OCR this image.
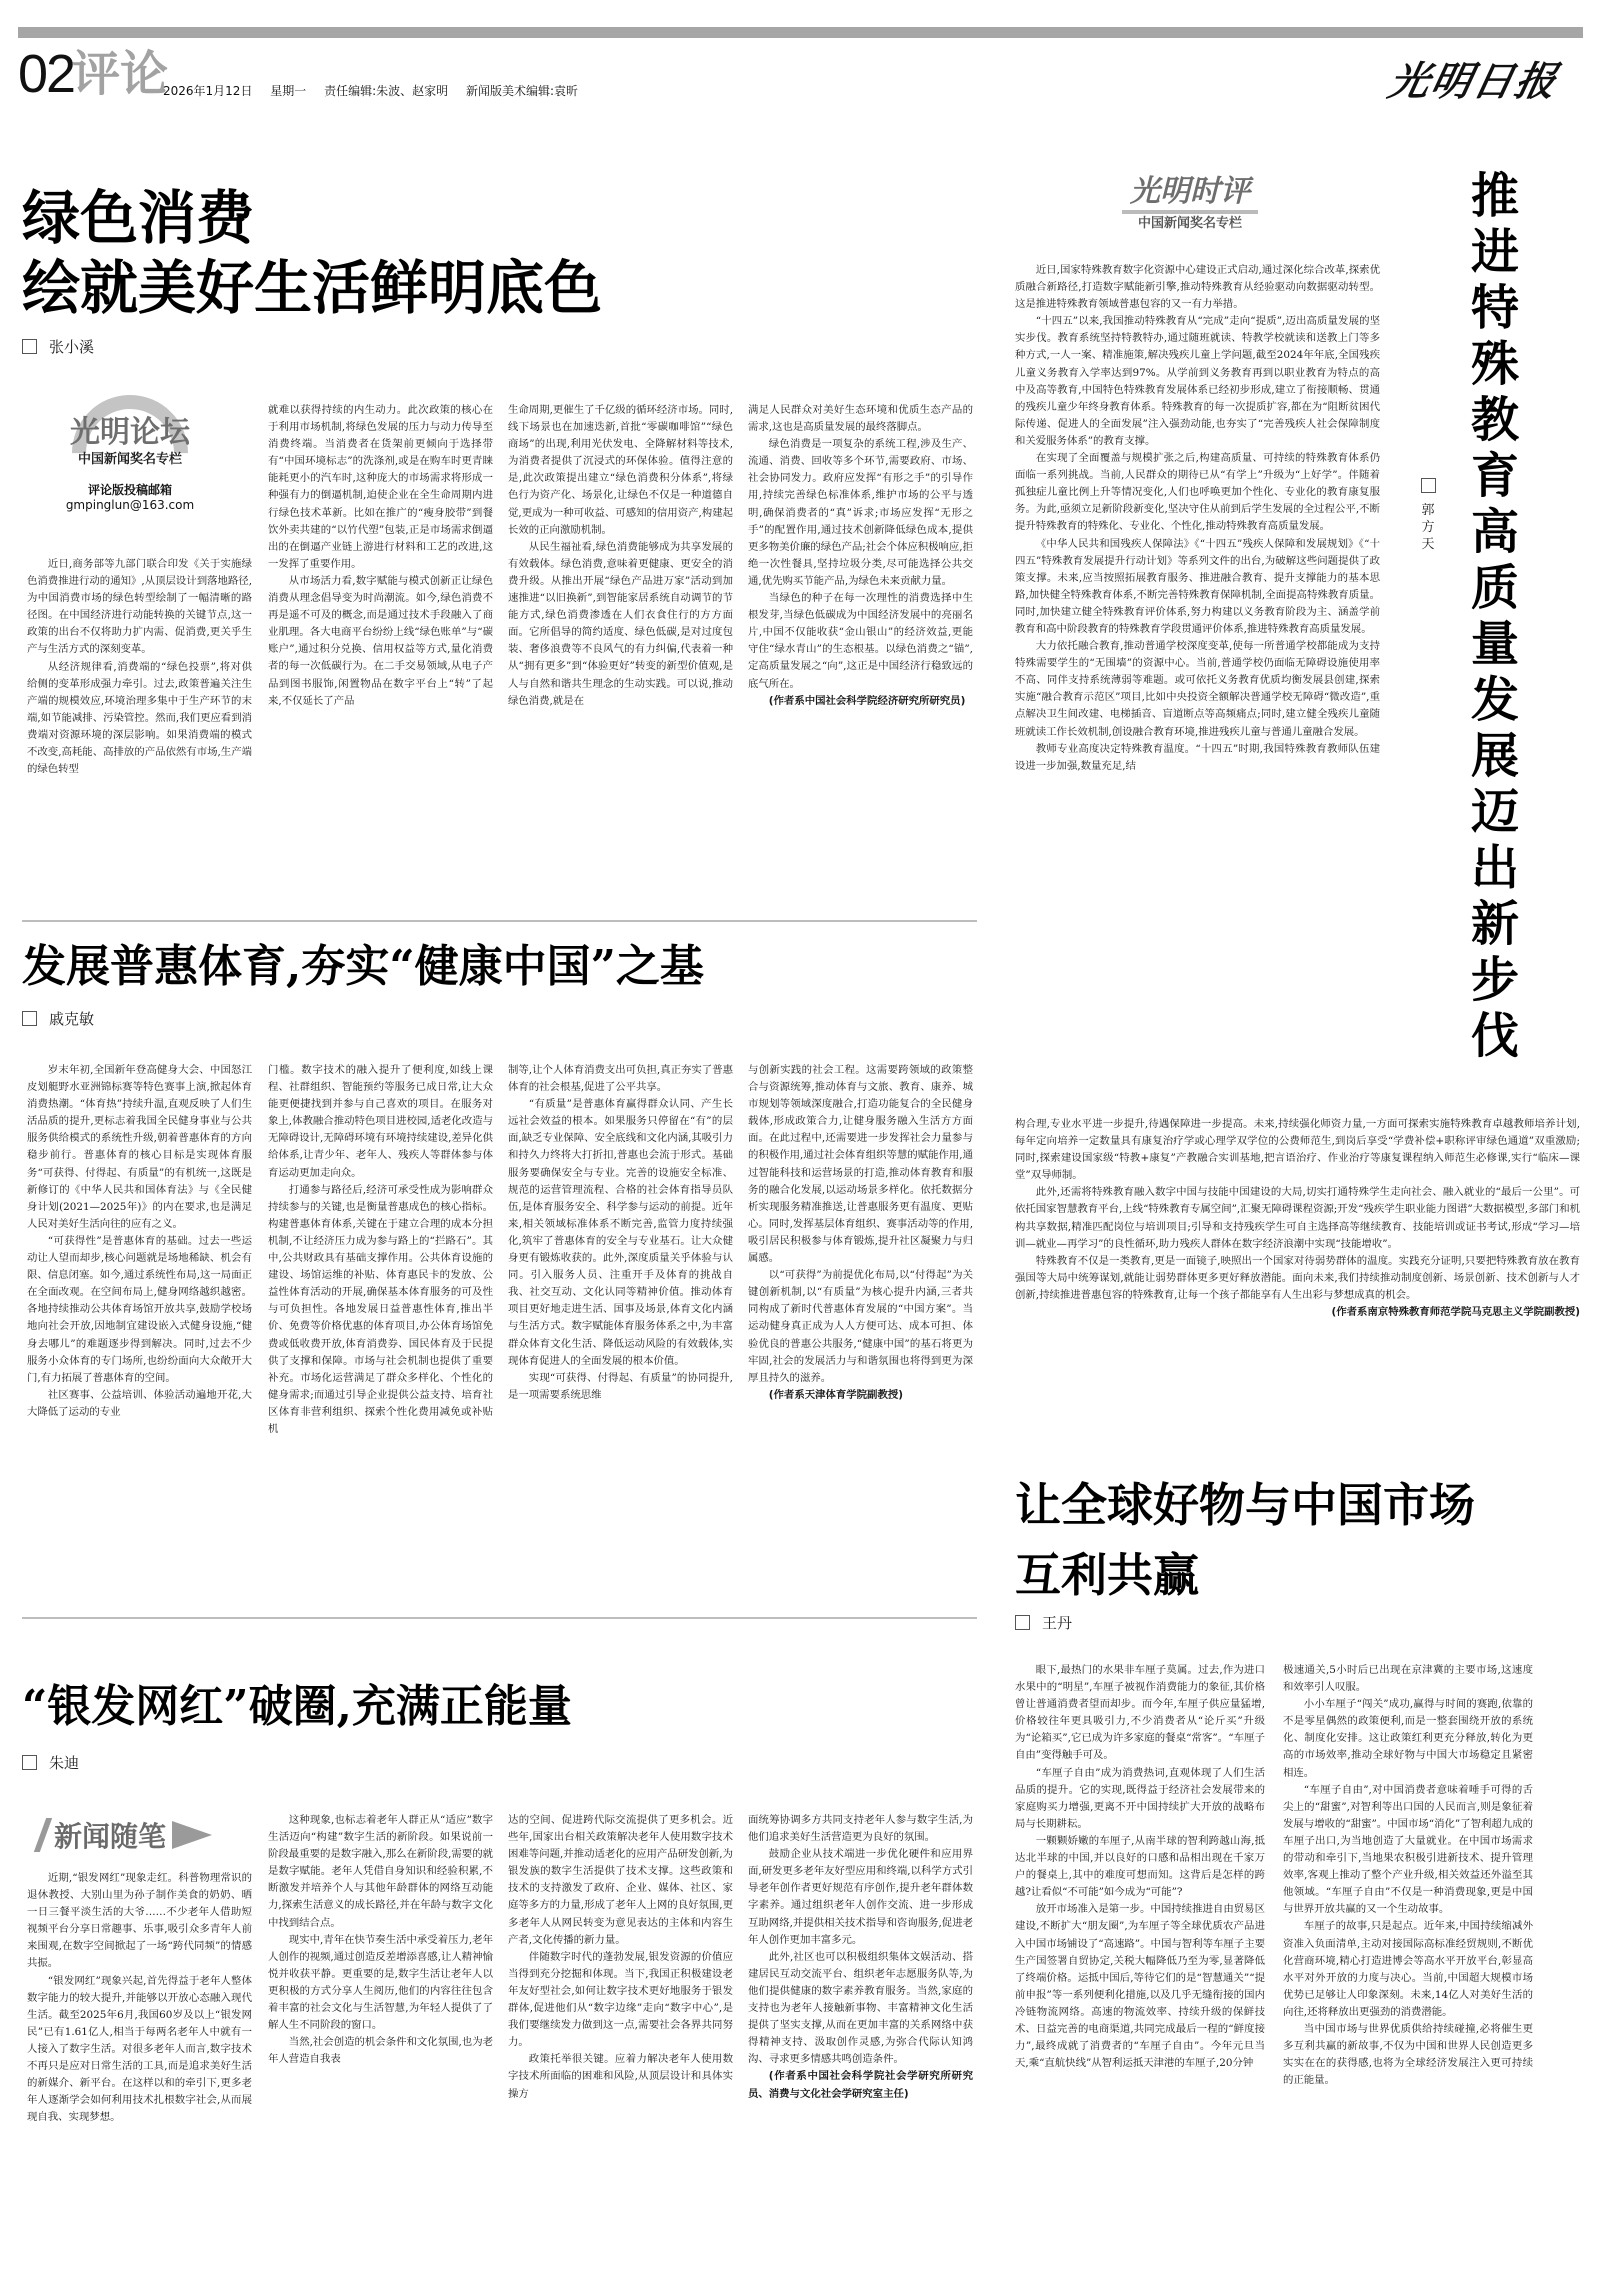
02
评论
2026年1月12日 星期一 责任编辑:朱波、赵家明 新闻版美术编辑:袁昕	光明日报
绿色消费
绘就美好生活鲜明底色
张小溪
光明论坛
中国新闻奖名专栏
评论版投稿邮箱
gmpinglun@163.com

近日,商务部等九部门联合印发《关于实施绿色消费推进行动的通知》,从顶层设计到落地路径,为中国消费市场的绿色转型绘制了一幅清晰的路径图。在中国经济进行动能转换的关键节点,这一政策的出台不仅将助力扩内需、促消费,更关乎生产与生活方式的深刻变革。

从经济规律看,消费端的“绿色投票”,将对供给侧的变革形成强力牵引。过去,政策普遍关注生产端的规模效应,环境治理多集中于生产环节的末端,如节能减排、污染管控。然而,我们更应看到消费端对资源环境的深层影响。如果消费端的模式不改变,高耗能、高排放的产品依然有市场,生产端的绿色转型

就难以获得持续的内生动力。此次政策的核心在于利用市场机制,将绿色发展的压力与动力传导至消费终端。当消费者在货架前更倾向于选择带有“中国环境标志”的洗涤剂,或是在购车时更青睐能耗更小的汽车时,这种庞大的市场需求将形成一种强有力的倒逼机制,迫使企业在全生命周期内进行绿色技术革新。比如在推广的“瘦身胶带”到餐饮外卖共建的“以竹代塑”包装,正是市场需求倒逼出的在倒逼产业链上游进行材料和工艺的改进,这一发挥了重要作用。

从市场活力看,数字赋能与模式创新正让绿色消费从理念倡导变为时尚潮流。如今,绿色消费不再是遥不可及的概念,而是通过技术手段融入了商业肌理。各大电商平台纷纷上线“绿色账单”与“碳账户”,通过积分兑换、信用权益等方式,量化消费者的每一次低碳行为。在二手交易领域,从电子产品到图书服饰,闲置物品在数字平台上“转”了起来,不仅延长了产品

生命周期,更催生了千亿级的循环经济市场。同时,线下场景也在加速迭新,首批“零碳咖啡馆”“绿色商场”的出现,利用光伏发电、全降解材料等技术,为消费者提供了沉浸式的环保体验。值得注意的是,此次政策提出建立“绿色消费积分体系”,将绿色行为资产化、场景化,让绿色不仅是一种道德自觉,更成为一种可收益、可感知的信用资产,构建起长效的正向激励机制。

从民生福祉看,绿色消费能够成为共享发展的有效载体。绿色消费,意味着更健康、更安全的消费升级。从推出开展“绿色产品进万家”活动到加速推进“以旧换新”,到智能家居系统自动调节的节能方式,绿色消费渗透在人们衣食住行的方方面面。它所倡导的简约适度、绿色低碳,是对过度包装、奢侈浪费等不良风气的有力纠偏,代表着一种从“拥有更多”到“体验更好”转变的新型价值观,是人与自然和谐共生理念的生动实践。可以说,推动绿色消费,就是在

满足人民群众对美好生态环境和优质生态产品的需求,这也是高质量发展的最终落脚点。

绿色消费是一项复杂的系统工程,涉及生产、流通、消费、回收等多个环节,需要政府、市场、社会协同发力。政府应发挥“有形之手”的引导作用,持续完善绿色标准体系,维护市场的公平与透明,确保消费者的“真”诉求;市场应发挥“无形之手”的配置作用,通过技术创新降低绿色成本,提供更多物美价廉的绿色产品;社会个体应积极响应,拒绝一次性餐具,坚持垃圾分类,尽可能选择公共交通,优先购买节能产品,为绿色未来贡献力量。

当绿色的种子在每一次理性的消费选择中生根发芽,当绿色低碳成为中国经济发展中的亮丽名片,中国不仅能收获“金山银山”的经济效益,更能守住“绿水青山”的生态根基。以绿色消费之“锚”,定高质量发展之“向”,这正是中国经济行稳致远的底气所在。

(作者系中国社会科学院经济研究所研究员)

光明时评
中国新闻奖名专栏	推进特殊教育高质量发展迈出新步伐
郭方天

近日,国家特殊教育数字化资源中心建设正式启动,通过深化综合改革,探索优质融合新路径,打造数字赋能新引擎,推动特殊教育从经验驱动向数据驱动转型。这是推进特殊教育领域普惠包容的又一有力举措。

“十四五”以来,我国推动特殊教育从“完成”走向“提质”,迈出高质量发展的坚实步伐。教育系统坚持特教特办,通过随班就读、特教学校就读和送教上门等多种方式,一人一案、精准施策,解决残疾儿童上学问题,截至2024年年底,全国残疾儿童义务教育入学率达到97%。从学前到义务教育再到以职业教育为特点的高中及高等教育,中国特色特殊教育发展体系已经初步形成,建立了衔接顺畅、贯通的残疾儿童少年终身教育体系。特殊教育的每一次提质扩容,都在为“阻断贫困代际传递、促进人的全面发展”注入强劲动能,也夯实了“完善残疾人社会保障制度和关爱服务体系”的教育支撑。

在实现了全面覆盖与规模扩张之后,构建高质量、可持续的特殊教育体系仍面临一系列挑战。当前,人民群众的期待已从“有学上”升级为“上好学”。伴随着孤独症儿童比例上升等情况变化,人们也呼唤更加个性化、专业化的教育康复服务。为此,亟须立足新阶段新变化,坚决守住从前到后学生发展的全过程公平,不断提升特殊教育的特殊化、专业化、个性化,推动特殊教育高质量发展。

《中华人民共和国残疾人保障法》《“十四五”残疾人保障和发展规划》《“十四五”特殊教育发展提升行动计划》等系列文件的出台,为破解这些问题提供了政策支撑。未来,应当按照拓展教育服务、推进融合教育、提升支撑能力的基本思路,加快健全特殊教育体系,不断完善特殊教育保障机制,全面提高特殊教育质量。同时,加快建立健全特殊教育评价体系,努力构建以义务教育阶段为主、涵盖学前教育和高中阶段教育的特殊教育学段贯通评价体系,推进特殊教育高质量发展。

大力依托融合教育,推动普通学校深度变革,使每一所普通学校都能成为支持特殊需要学生的“无围墙”的资源中心。当前,普通学校仍面临无障碍设施使用率不高、同伴支持系统薄弱等难题。或可依托义务教育优质均衡发展县创建,探索实施“融合教育示范区”项目,比如中央投资全额解决普通学校无障碍“微改造”,重点解决卫生间改建、电梯插音、盲道断点等高频痛点;同时,建立健全残疾儿童随班就读工作长效机制,创设融合教育环境,推进残疾儿童与普通儿童融合发展。

教师专业高度决定特殊教育温度。“十四五”时期,我国特殊教育教师队伍建设进一步加强,数量充足,结

构合理,专业水平进一步提升,待遇保障进一步提高。未来,持续强化师资力量,一方面可探索实施特殊教育卓越教师培养计划,每年定向培养一定数量具有康复治疗学或心理学双学位的公费师范生,到岗后享受“学费补偿+职称评审绿色通道”双重激励;同时,探索建设国家级“特教+康复”产教融合实训基地,把言语治疗、作业治疗等康复课程纳入师范生必修课,实行“临床—课堂”双导师制。

此外,还需将特殊教育融入数字中国与技能中国建设的大局,切实打通特殊学生走向社会、融入就业的“最后一公里”。可依托国家智慧教育平台,上线“特殊教育专属空间”,汇聚无障碍课程资源;开发“残疾学生职业能力图谱”大数据模型,多部门和机构共享数据,精准匹配岗位与培训项目;引导和支持残疾学生可自主选择高等继续教育、技能培训或证书考试,形成“学习—培训—就业—再学习”的良性循环,助力残疾人群体在数字经济浪潮中实现“技能增收”。

特殊教育不仅是一类教育,更是一面镜子,映照出一个国家对待弱势群体的温度。实践充分证明,只要把特殊教育放在教育强国等大局中统筹谋划,就能让弱势群体更多更好释放潜能。面向未来,我们持续推动制度创新、场景创新、技术创新与人才创新,持续推进普惠包容的特殊教育,让每一个孩子都能享有人生出彩与梦想成真的机会。

(作者系南京特殊教育师范学院马克思主义学院副教授)

发展普惠体育,夯实“健康中国”之基
戚克敏

岁末年初,全国新年登高健身大会、中国怒江皮划艇野水亚洲锦标赛等特色赛事上演,掀起体育消费热潮。“体育热”持续升温,直观反映了人们生活品质的提升,更标志着我国全民健身事业与公共服务供给模式的系统性升级,朝着普惠体育的方向稳步前行。普惠体育的核心目标是实现体育服务“可获得、付得起、有质量”的有机统一,这既是新修订的《中华人民共和国体育法》与《全民健身计划(2021—2025年)》的内在要求,也是满足人民对美好生活向往的应有之义。

“可获得性”是普惠体育的基础。过去一些运动让人望而却步,核心问题就是场地稀缺、机会有限、信息闭塞。如今,通过系统性布局,这一局面正在全面改观。在空间布局上,健身网络越织越密。各地持续推动公共体育场馆开放共享,鼓励学校场地向社会开放,因地制宜建设嵌入式健身设施,“健身去哪儿”的难题逐步得到解决。同时,过去不少服务小众体育的专门场所,也纷纷面向大众敞开大门,有力拓展了普惠体育的空间。

社区赛事、公益培训、体验活动遍地开花,大大降低了运动的专业

门槛。数字技术的融入提升了便利度,如线上课程、社群组织、智能预约等服务已成日常,让大众能更便捷找到并参与自己喜欢的项目。在服务对象上,体教融合推动特色项目进校园,适老化改造与无障碍设计,无障碍环境有环境持续建设,差异化供给体系,让青少年、老年人、残疾人等群体参与体育运动更加走向众。

打通参与路径后,经济可承受性成为影响群众持续参与的关键,也是衡量普惠成色的核心指标。构建普惠体育体系,关键在于建立合理的成本分担机制,不让经济压力成为参与路上的“拦路石”。其中,公共财政具有基础支撑作用。公共体育设施的建设、场馆运维的补贴、体育惠民卡的发放、公益性体育活动的开展,确保基本体育服务的可及性与可负担性。各地发展日益普惠性体育,推出半价、免费等价格优惠的体育项目,办公体育场馆免费或低收费开放,体育消费券、国民体育及于民提供了支撑和保障。市场与社会机制也提供了重要补充。市场化运营满足了群众多样化、个性化的健身需求;而通过引导企业提供公益支持、培育社区体育非营利组织、探索个性化费用减免或补贴机

制等,让个人体育消费支出可负担,真正夯实了普惠体育的社会根基,促进了公平共享。

“有质量”是普惠体育赢得群众认同、产生长远社会效益的根本。如果服务只停留在“有”的层面,缺乏专业保障、安全底线和文化内涵,其吸引力和持久力终将大打折扣,普惠也会流于形式。基础服务要确保安全与专业。完善的设施安全标准、规范的运营管理流程、合格的社会体育指导员队伍,是体育服务安全、科学参与运动的前提。近年来,相关领域标准体系不断完善,监管力度持续强化,筑牢了普惠体育的安全与专业基石。让大众健身更有锻炼收获的。此外,深度质量关乎体验与认同。引入服务人员、注重开手及体育的挑战自我、社交互动、文化认同等精神价值。推动体育项目更好地走进生活、国事及场景,体育文化内涵与生活方式。数字赋能体育服务体系之中,为丰富群众体育文化生活、降低运动风险的有效载体,实现体育促进人的全面发展的根本价值。

实现“可获得、付得起、有质量”的协同提升,是一项需要系统思维

与创新实践的社会工程。这需要跨领域的政策整合与资源统筹,推动体育与文旅、教育、康养、城市规划等领域深度融合,打造功能复合的全民健身载体,形成政策合力,让健身服务融入生活方方面面。在此过程中,还需要进一步发挥社会力量参与的积极作用,通过社会体育组织等慧的赋能作用,通过智能科技和运营场景的打造,推动体育教育和服务的融合化发展,以运动场景多样化。依托数据分析实现服务精准推送,让普惠服务更有温度、更贴心。同时,发挥基层体育组织、赛事活动等的作用,吸引居民积极参与体育锻炼,提升社区凝聚力与归属感。

以“可获得”为前提优化布局,以“付得起”为关键创新机制,以“有质量”为核心提升内涵,三者共同构成了新时代普惠体育发展的“中国方案”。当运动健身真正成为人人方便可达、成本可担、体验优良的普惠公共服务,“健康中国”的基石将更为牢固,社会的发展活力与和谐氛围也将得到更为深厚且持久的滋养。

(作者系天津体育学院副教授)

“银发网红”破圈,充满正能量
朱迪
新闻随笔

近期,“银发网红”现象走红。科普物理常识的退休教授、大别山里为孙子制作美食的奶奶、晒一日三餐平淡生活的大爷……不少老年人借助短视频平台分享日常趣事、乐事,吸引众多青年人前来围观,在数字空间掀起了一场“跨代同频”的情感共振。

“银发网红”现象兴起,首先得益于老年人整体数字能力的较大提升,并能够以开放心态融入现代生活。截至2025年6月,我国60岁及以上“银发网民”已有1.61亿人,相当于每两名老年人中就有一人接入了数字生活。对很多老年人而言,数字技术不再只是应对日常生活的工具,而是追求美好生活的新媒介、新平台。在这样以和的牵引下,更多老年人逐渐学会如何利用技术扎根数字社会,从而展现自我、实现梦想。

这种现象,也标志着老年人群正从“适应”数字生活迈向“构建”数字生活的新阶段。如果说前一阶段最重要的是数字融入,那么在新阶段,需要的就是数字赋能。老年人凭借自身知识和经验积累,不断激发并培养个人与其他年龄群体的网络互动能力,探索生活意义的成长路径,并在年龄与数字文化中找到结合点。

现实中,青年在快节奏生活中承受着压力,老年人创作的视频,通过创造反差增添喜感,让人精神愉悦并收获平静。更重要的是,数字生活让老年人以更积极的方式分享人生阅历,他们的内容往往包含着丰富的社会文化与生活智慧,为年轻人提供了了解人生不同阶段的窗口。

当然,社会创造的机会条件和文化氛围,也为老年人营造自我表

达的空间、促进跨代际交流提供了更多机会。近些年,国家出台相关政策解决老年人使用数字技术困难等问题,并推动适老化的应用产品研发创新,为银发族的数字生活提供了技术支撑。这些政策和技术的支持激发了政府、企业、媒体、社区、家庭等多方的力量,形成了老年人上网的良好氛围,更多老年人从网民转变为意见表达的主体和内容生产者,文化传播的新力量。

伴随数字时代的蓬勃发展,银发资源的价值应当得到充分挖掘和体现。当下,我国正积极建设老年友好型社会,如何让数字技术更好地服务于银发群体,促进他们从“数字边缘”走向“数字中心”,是我们要继续发力做到这一点,需要社会各界共同努力。

政策托举很关键。应着力解决老年人使用数字技术所面临的困难和风险,从顶层设计和具体实操方

面统筹协调多方共同支持老年人参与数字生活,为他们追求美好生活营造更为良好的氛围。

鼓励企业从技术端进一步优化硬件和应用界面,研发更多老年友好型应用和终端,以科学方式引导老年创作者更好规范有序创作,提升老年群体数字素养。通过组织老年人创作交流、进一步形成互助网络,并提供相关技术指导和咨询服务,促进老年人创作更加丰富多元。

此外,社区也可以积极组织集体文娱活动、搭建居民互动交流平台、组织老年志愿服务队等,为他们提供健康的数字素养教育服务。当然,家庭的支持也为老年人接触新事物、丰富精神文化生活提供了坚实支撑,从而在更加丰富的关系网络中获得精神支持、汲取创作灵感,为弥合代际认知鸿沟、寻求更多情感共鸣创造条件。

(作者系中国社会科学院社会学研究所研究员、消费与文化社会学研究室主任)

让全球好物与中国市场
互利共赢
王丹

眼下,最热门的水果非车厘子莫属。过去,作为进口水果中的“明星”,车厘子被视作消费能力的象征,其价格曾让普通消费者望而却步。而今年,车厘子供应量猛增,价格较往年更具吸引力,不少消费者从“论斤买”升级为“论箱买”,它已成为许多家庭的餐桌“常客”。“车厘子自由”变得触手可及。

“车厘子自由”成为消费热词,直观体现了人们生活品质的提升。它的实现,既得益于经济社会发展带来的家庭购买力增强,更离不开中国持续扩大开放的战略布局与长期耕耘。

一颗颗娇嫩的车厘子,从南半球的智利跨越山海,抵达北半球的中国,并以良好的口感和品相出现在千家万户的餐桌上,其中的难度可想而知。这背后是怎样的跨越?让看似“不可能”如今成为“可能”?

放开市场准入是第一步。中国持续推进自由贸易区建设,不断扩大“朋友圈”,为车厘子等全球优质农产品进入中国市场铺设了“高速路”。中国与智利等车厘子主要生产国签署自贸协定,关税大幅降低乃至为零,显著降低了终端价格。运抵中国后,等待它们的是“智慧通关”“提前申报”等一系列便利化措施,以及几乎无缝衔接的国内冷链物流网络。高速的物流效率、持续升级的保鲜技术、日益完善的电商渠道,共同完成最后一程的“鲜度接力”,最终成就了消费者的“车厘子自由”。今年元旦当天,乘“直航快线”从智利运抵天津港的车厘子,20分钟

极速通关,5小时后已出现在京津冀的主要市场,这速度和效率引人叹服。

小小车厘子“闯关”成功,赢得与时间的赛跑,依靠的不是零星偶然的政策便利,而是一整套围绕开放的系统化、制度化安排。这让政策红利更充分释放,转化为更高的市场效率,推动全球好物与中国大市场稳定且紧密相连。

“车厘子自由”,对中国消费者意味着唾手可得的舌尖上的“甜蜜”,对智利等出口国的人民而言,则是象征着发展与增收的“甜蜜”。中国市场“消化”了智利超九成的车厘子出口,为当地创造了大量就业。在中国市场需求的带动和牵引下,当地果农积极引进新技术、提升管理效率,客观上推动了整个产业升级,相关效益还外溢至其他领域。“车厘子自由”不仅是一种消费现象,更是中国与世界开放共赢的又一个生动故事。

车厘子的故事,只是起点。近年来,中国持续缩减外资准入负面清单,主动对接国际高标准经贸规则,不断优化营商环境,精心打造进博会等高水平开放平台,彰显高水平对外开放的力度与决心。当前,中国超大规模市场优势已足够让人印象深刻。未来,14亿人对美好生活的向往,还将释放出更强劲的消费潜能。

当中国市场与世界优质供给持续碰撞,必将催生更多互利共赢的新故事,不仅为中国和世界人民创造更多实实在在的获得感,也将为全球经济发展注入更可持续的正能量。
